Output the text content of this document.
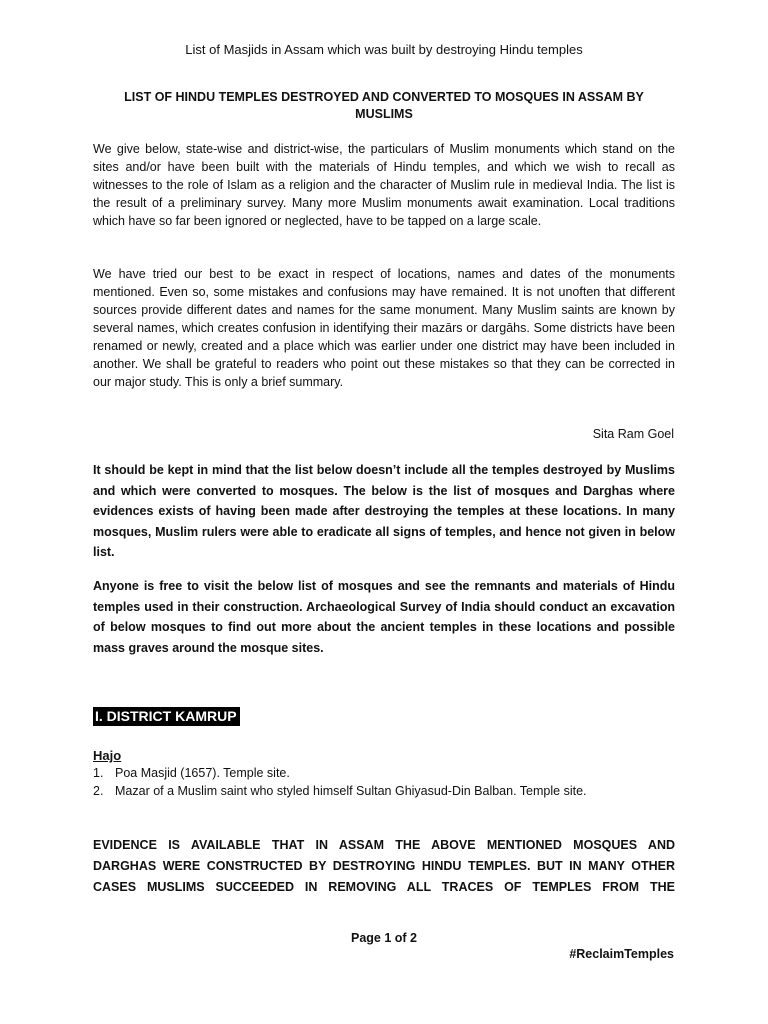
List of Masjids in Assam which was built by destroying Hindu temples
LIST OF HINDU TEMPLES DESTROYED AND CONVERTED TO MOSQUES IN ASSAM BY MUSLIMS

We give below, state-wise and district-wise, the particulars of Muslim monuments which stand on the sites and/or have been built with the materials of Hindu temples, and which we wish to recall as witnesses to the role of Islam as a religion and the character of Muslim rule in medieval India. The list is the result of a preliminary survey. Many more Muslim monuments await examination. Local traditions which have so far been ignored or neglected, have to be tapped on a large scale.

We have tried our best to be exact in respect of locations, names and dates of the monuments mentioned. Even so, some mistakes and confusions may have remained. It is not unoften that different sources provide different dates and names for the same monument. Many Muslim saints are known by several names, which creates confusion in identifying their mazārs or dargāhs. Some districts have been renamed or newly, created and a place which was earlier under one district may have been included in another. We shall be grateful to readers who point out these mistakes so that they can be corrected in our major study. This is only a brief summary.

Sita Ram Goel

It should be kept in mind that the list below doesn’t include all the temples destroyed by Muslims and which were converted to mosques. The below is the list of mosques and Darghas where evidences exists of having been made after destroying the temples at these locations. In many mosques, Muslim rulers were able to eradicate all signs of temples, and hence not given in below list.

Anyone is free to visit the below list of mosques and see the remnants and materials of Hindu temples used in their construction. Archaeological Survey of India should conduct an excavation of below mosques to find out more about the ancient temples in these locations and possible mass graves around the mosque sites.

I. DISTRICT KAMRUP
Hajo
1. Poa Masjid (1657). Temple site.
2. Mazar of a Muslim saint who styled himself Sultan Ghiyasud-Din Balban. Temple site.

EVIDENCE IS AVAILABLE THAT IN ASSAM THE ABOVE MENTIONED MOSQUES AND
DARGHAS WERE CONSTRUCTED BY DESTROYING HINDU TEMPLES. BUT IN MANY OTHER
CASES MUSLIMS SUCCEEDED IN REMOVING ALL TRACES OF TEMPLES FROM THE

Page 1 of 2
#ReclaimTemples
